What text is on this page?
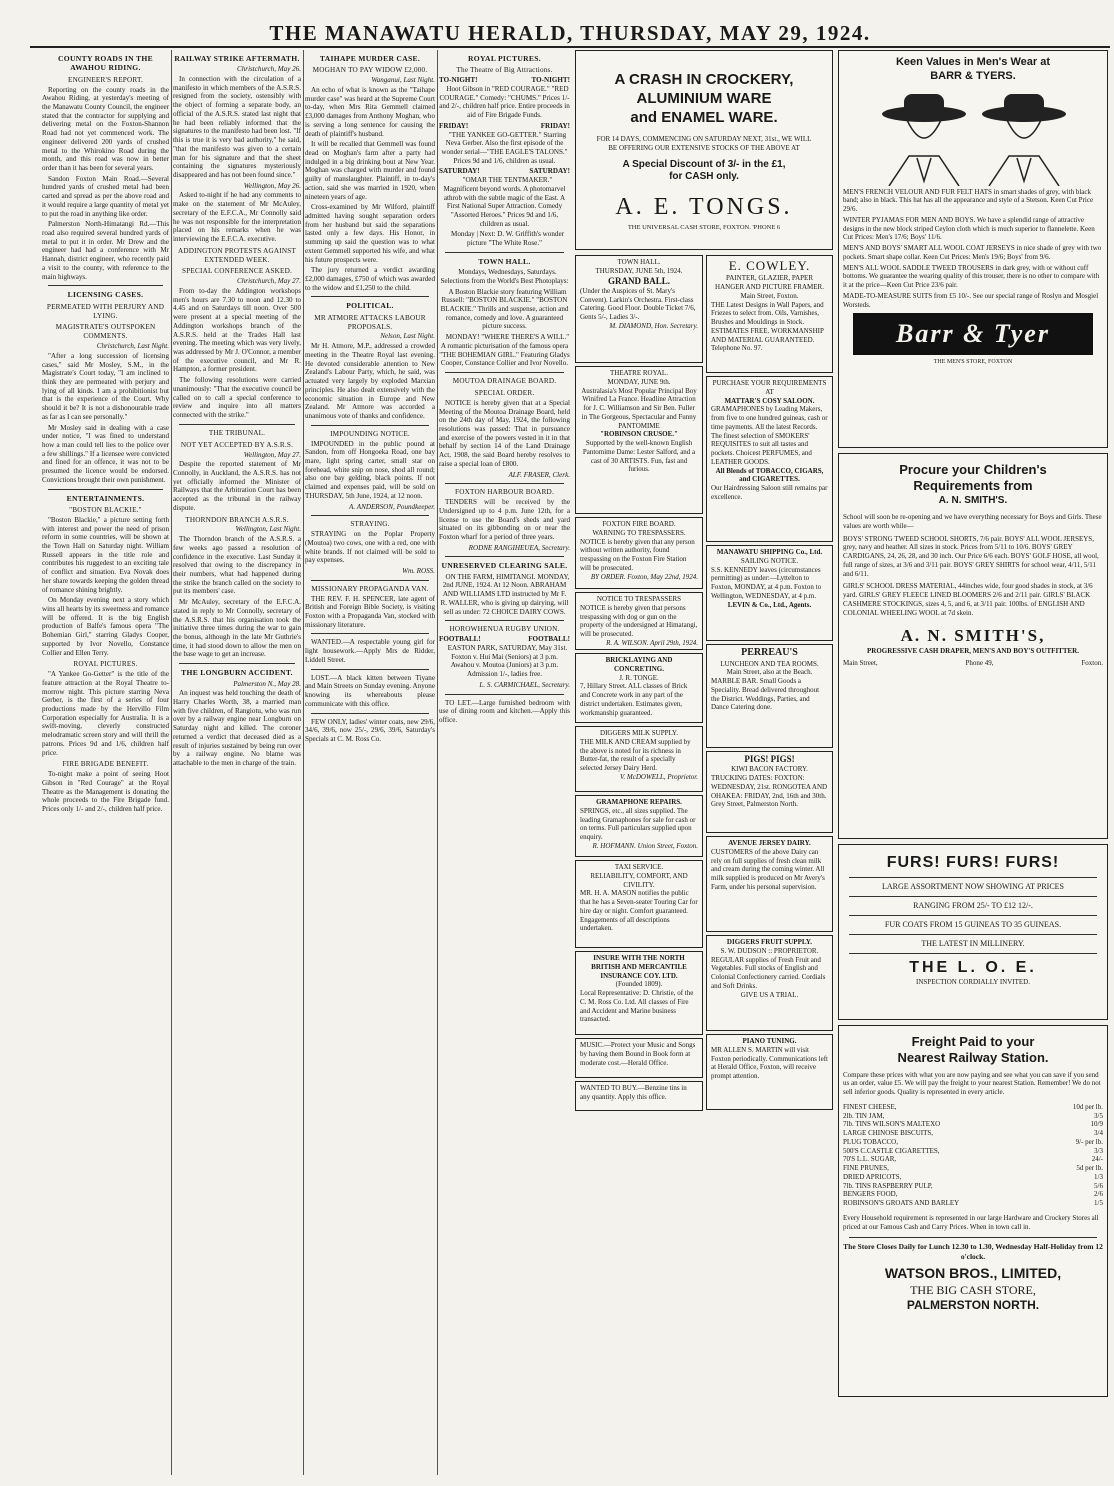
THE MANAWATU HERALD, THURSDAY, MAY 29, 1924.
COUNTY ROADS IN THE AWAHOU RIDING.
ENGINEER'S REPORT.

Reporting on the county roads in the Awahou Riding, at yesterday's meeting of the Manawatu County Council, the engineer stated that the contractor for supplying and delivering metal on the Foxton-Shannon Road had not yet commenced work. The engineer delivered 200 yards of crushed metal to the Whirokino Road during the month, and this road was now in better order than it has been for several years.

Sandon Foxton Main Road.—Several hundred yards of crushed metal had been carted and spread as per the above road and it would require a large quantity of metal yet to put the road in anything like order.

Palmerston North-Himatangi Rd.—This road also required several hundred yards of metal to put it in order. Mr Drew and the engineer had had a conference with Mr Hannah, district engineer, who recently paid a visit to the county, with reference to the main highways.

LICENSING CASES.
PERMEATED WITH PERJURY AND LYING.
MAGISTRATE'S OUTSPOKEN COMMENTS.
Christchurch, Last Night.

"After a long succession of licensing cases," said Mr Mosley, S.M., in the Magistrate's Court today, "I am inclined to think they are permeated with perjury and lying of all kinds. I am a prohibitionist but that is the experience of the Court. Why should it be? It is not a dishonourable trade as far as I can see personally."

Mr Mosley said in dealing with a case under notice, "I was fined to understand how a man could tell lies to the police over a few shillings." If a licensee were convicted and fined for an offence, it was not to be presumed the licence would be endorsed. Convictions brought their own punishment.

ENTERTAINMENTS.
"BOSTON BLACKIE."

"Boston Blackie," a picture setting forth with interest and power the need of prison reform in some countries, will be shown at the Town Hall on Saturday night. William Russell appears in the title role and contributes his ruggedest to an exciting tale of conflict and situation. Eva Novak does her share towards keeping the golden thread of romance shining brightly.

On Monday evening next a story which wins all hearts by its sweetness and romance will be offered. It is the big English production of Balfe's famous opera "The Bohemian Girl," starring Gladys Cooper, supported by Ivor Novello, Constance Collier and Ellen Terry.

ROYAL PICTURES.

"A Yankee Go-Getter" is the title of the feature attraction at the Royal Theatre to-morrow night. This picture starring Neva Gerber, is the first of a series of four productions made by the Hervillo Film Corporation especially for Australia. It is a swift-moving, cleverly constructed melodramatic screen story and will thrill the patrons. Prices 9d and 1/6, children half price.

FIRE BRIGADE BENEFIT.

To-night make a point of seeing Hoot Gibson in "Red Courage" at the Royal Theatre as the Management is donating the whole proceeds to the Fire Brigade fund. Prices only 1/- and 2/-, children half price.

RAILWAY STRIKE AFTERMATH.
Christchurch, May 26.

In connection with the circulation of a manifesto in which members of the A.S.R.S. resigned from the society, ostensibly with the object of forming a separate body, an official of the A.S.R.S. stated last night that he had been reliably informed that the signatures to the manifesto had been lost. "If this is true it is very bad authority," he said, "that the manifesto was given to a certain man for his signature and that the sheet containing the signatures mysteriously disappeared and has not been found since."

Wellington, May 26.

Asked to-night if he had any comments to make on the statement of Mr McAuley, secretary of the E.F.C.A., Mr Connolly said he was not responsible for the interpretation placed on his remarks when he was interviewing the E.F.C.A. executive.

ADDINGTON PROTESTS AGAINST EXTENDED WEEK.
SPECIAL CONFERENCE ASKED.
Christchurch, May 27.

From to-day the Addington workshops men's hours are 7.30 to noon and 12.30 to 4.45 and on Saturdays till noon. Over 500 were present at a special meeting of the Addington workshops branch of the A.S.R.S. held at the Trades Hall last evening. The meeting which was very lively, was addressed by Mr J. O'Connor, a member of the executive council, and Mr R. Hampton, a former president.

The following resolutions were carried unanimously: "That the executive council be called on to call a special conference to review and inquire into all matters connected with the strike."

THE TRIBUNAL.
NOT YET ACCEPTED BY A.S.R.S.
Wellington, May 27.

Despite the reported statement of Mr Connolly, in Auckland, the A.S.R.S. has not yet officially informed the Minister of Railways that the Arbitration Court has been accepted as the tribunal in the railway dispute.

THORNDON BRANCH A.S.R.S.
Wellington, Last Night.

The Thorndon branch of the A.S.R.S. a few weeks ago passed a resolution of confidence in the executive. Last Sunday it resolved that owing to the discrepancy in their numbers, what had happened during the strike the branch called on the society to put its members' case.

Mr McAuley, secretary of the E.F.C.A. stated in reply to Mr Connolly, secretary of the A.S.R.S. that his organisation took the initiative three times during the war to gain the bonus, although in the late Mr Guthrie's time, it had stood down to allow the men on the base wage to get an increase.

THE LONGBURN ACCIDENT.
Palmerston N., May 28.

An inquest was held touching the death of Harry Charles Worth, 38, a married man with five children, of Rangiotu, who was run over by a railway engine near Longburn on Saturday night and killed. The coroner returned a verdict that deceased died as a result of injuries sustained by being run over by a railway engine. No blame was attachable to the men in charge of the train.

TAIHAPE MURDER CASE.
MOGHAN TO PAY WIDOW £2,000.
Wanganui, Last Night.

An echo of what is known as the "Taihape murder case" was heard at the Supreme Court to-day, when Mrs Rita Gemmell claimed £3,000 damages from Anthony Moghan, who is serving a long sentence for causing the death of plaintiff's husband.

It will be recalled that Gemmell was found dead on Moghan's farm after a party had indulged in a big drinking bout at New Year. Moghan was charged with murder and found guilty of manslaughter. Plaintiff, in to-day's action, said she was married in 1920, when nineteen years of age.

Cross-examined by Mr Wilford, plaintiff admitted having sought separation orders from her husband but said the separations lasted only a few days. His Honor, in summing up said the question was to what extent Gemmell supported his wife, and what his future prospects were.

The jury returned a verdict awarding £2,000 damages, £750 of which was awarded to the widow and £1,250 to the child.

POLITICAL.
MR ATMORE ATTACKS LABOUR PROPOSALS.
Nelson, Last Night.

Mr H. Atmore, M.P., addressed a crowded meeting in the Theatre Royal last evening. He devoted considerable attention to New Zealand's Labour Party, which, he said, was actuated very largely by exploded Marxian principles. He also dealt extensively with the economic situation in Europe and New Zealand. Mr Atmore was accorded a unanimous vote of thanks and confidence.

IMPOUNDING NOTICE.

IMPOUNDED in the public pound at Sandon, from off Hongoeka Road, one bay mare, light spring carter, small star on forehead, white snip on nose, shod all round; also one bay gelding, black points. If not claimed and expenses paid, will be sold on THURSDAY, 5th June, 1924, at 12 noon.

A. ANDERSON, Poundkeeper.
STRAYING.

STRAYING on the Poplar Property (Moutoa) two cows, one with a red, one with white brands. If not claimed will be sold to pay expenses.

Wm. ROSS.
MISSIONARY PROPAGANDA VAN.

THE REV. F. H. SPENCER, late agent of British and Foreign Bible Society, is visiting Foxton with a Propaganda Van, stocked with missionary literature.

WANTED.—A respectable young girl for light housework.—Apply Mrs de Ridder, Liddell Street.

LOST.—A black kitten between Tiyane and Main Streets on Sunday evening. Anyone knowing its whereabouts please communicate with this office.

FEW ONLY, ladies' winter coats, new 29/6, 34/6, 39/6, now 25/-, 29/6, 39/6, Saturday's Specials at C. M. Ross Co.

ROYAL PICTURES.
The Theatre of Big Attractions.
TO-NIGHT!	TO-NIGHT!

Hoot Gibson in "RED COURAGE." "RED COURAGE." Comedy: "CHUMS." Prices 1/- and 2/-, children half price. Entire proceeds in aid of Fire Brigade Funds.

FRIDAY!	FRIDAY!

"THE YANKEE GO-GETTER." Starring Neva Gerber. Also the first episode of the wonder serial—"THE EAGLE'S TALONS." Prices 9d and 1/6, children as usual.

SATURDAY!	SATURDAY!

"OMAR THE TENTMAKER." Magnificent beyond words. A photomarvel athrob with the subtle magic of the East. A First National Super Attraction. Comedy "Assorted Heroes." Prices 9d and 1/6, children as usual.

Monday | Next: D. W. Griffith's wonder picture "The White Rose."

TOWN HALL.

Mondays, Wednesdays, Saturdays. Selections from the World's Best Photoplays:

A Boston Blackie story featuring William Russell: "BOSTON BLACKIE." "BOSTON BLACKIE." Thrills and suspense, action and romance, comedy and love. A guaranteed picture success.

MONDAY! "WHERE THERE'S A WILL." A romantic picturisation of the famous opera "THE BOHEMIAN GIRL." Featuring Gladys Cooper, Constance Collier and Ivor Novello.

MOUTOA DRAINAGE BOARD.
SPECIAL ORDER.

NOTICE is hereby given that at a Special Meeting of the Moutoa Drainage Board, held on the 24th day of May, 1924, the following resolutions was passed: That in pursuance and exercise of the powers vested in it in that behalf by section 14 of the Land Drainage Act, 1908, the said Board hereby resolves to raise a special loan of £800.

ALF. FRASER, Clerk.
FOXTON HARBOUR BOARD.

TENDERS will be received by the Undersigned up to 4 p.m. June 12th, for a license to use the Board's sheds and yard situated on its gibbonding on or near the Foxton wharf for a period of three years.

RODNE RANGIHEUEA, Secretary.
UNRESERVED CLEARING SALE.

ON THE FARM, HIMITANGI. MONDAY, 2nd JUNE, 1924. At 12 Noon. ABRAHAM AND WILLIAMS LTD instructed by Mr F. R. WALLER, who is giving up dairying, will sell as under: 72 CHOICE DAIRY COWS.

HOROWHENUA RUGBY UNION.
FOOTBALL!	FOOTBALL!

EASTON PARK, SATURDAY, May 31st. Foxton v. Hui Mai (Seniors) at 3 p.m. Awahou v. Moutoa (Juniors) at 3 p.m. Admission 1/-, ladies free.

L. S. CARMICHAEL, Secretary.

TO LET.—Large furnished bedroom with use of dining room and kitchen.—Apply this office.

A CRASH IN CROCKERY,
ALUMINIUM WARE
and ENAMEL WARE.
FOR 14 DAYS, COMMENCING ON SATURDAY NEXT, 31st., WE WILL BE OFFERING OUR EXTENSIVE STOCKS OF THE ABOVE AT
A Special Discount of 3/- in the £1,
for CASH only.
A. E. TONGS.
THE UNIVERSAL CASH STORE, FOXTON. 'PHONE 6
Keen Values in Men's Wear at
BARR & TYERS.

MEN'S FRENCH VELOUR AND FUR FELT HATS in smart shades of grey, with black band; also in black. This hat has all the appearance and style of a Stetson. Keen Cut Price 29/6.

WINTER PYJAMAS FOR MEN AND BOYS. We have a splendid range of attractive designs in the new block striped Ceylon cloth which is much superior to flannelette. Keen Cut Prices: Men's 17/6; Boys' 11/6.

MEN'S AND BOYS' SMART ALL WOOL COAT JERSEYS in nice shade of grey with two pockets. Smart shape collar. Keen Cut Prices: Men's 19/6; Boys' from 9/6.

MEN'S ALL WOOL SADDLE TWEED TROUSERS in dark grey, with or without cuff bottoms. We guarantee the wearing quality of this trouser, there is no other to compare with it at the price—Keen Cut Price 23/6 pair.

MADE-TO-MEASURE SUITS from £5 10/-. See our special range of Roslyn and Mosgiel Worsteds.

Barr & Tyer
THE MEN'S STORE, FOXTON
TOWN HALL.
THURSDAY, JUNE 5th, 1924.
GRAND BALL.

(Under the Auspices of St. Mary's Convent). Larkin's Orchestra. First-class Catering. Good Floor. Double Ticket 7/6, Gents 5/-, Ladies 3/-.

M. DIAMOND, Hon. Secretary.
THEATRE ROYAL.
MONDAY, JUNE 9th.

Australasia's Most Popular Principal Boy Winifred La France. Headline Attraction for J. C. Williamson and Sir Ben. Fuller in The Gorgeous, Spectacular and Funny PANTOMIME

"ROBINSON CRUSOE."

Supported by the well-known English Pantomime Dame: Lester Salford, and a cast of 30 ARTISTS. Fun, fast and furious.

FOXTON FIRE BOARD.
WARNING TO TRESPASSERS.

NOTICE is hereby given that any person without written authority, found trespassing on the Foxton Fire Station will be prosecuted.

BY ORDER. Foxton, May 22nd, 1924.
NOTICE TO TRESPASSERS

NOTICE is hereby given that persons trespassing with dog or gun on the property of the undersigned at Himatangi, will be prosecuted.

R. A. WILSON. April 29th, 1924.
BRICKLAYING AND CONCRETING.
J. R. TONGE.

7, Hillary Street. ALL classes of Brick and Concrete work in any part of the district undertaken. Estimates given, workmanship guaranteed.

DIGGERS MILK SUPPLY.

THE MILK AND CREAM supplied by the above is noted for its richness in Butter-fat, the result of a specially selected Jersey Dairy Herd.

V. McDOWELL, Proprietor.
GRAMAPHONE REPAIRS.

SPRINGS, etc., all sizes supplied. The leading Gramaphones for sale for cash or on terms. Full particulars supplied upon enquiry.

R. HOFMANN. Union Street, Foxton.
TAXI SERVICE.
RELIABILITY, COMFORT, AND CIVILITY.

MR. H. A. MASON notifies the public that he has a Seven-seater Touring Car for hire day or night. Comfort guaranteed. Engagements of all descriptions undertaken.

INSURE WITH THE NORTH BRITISH AND MERCANTILE INSURANCE COY. LTD.
(Founded 1809).

Local Representative: D. Christie, of the C. M. Ross Co. Ltd. All classes of Fire and Accident and Marine business transacted.

MUSIC.—Protect your Music and Songs by having them Bound in Book form at moderate cost.—Herald Office.

WANTED TO BUY.—Benzine tins in any quantity. Apply this office.

E. COWLEY.
PAINTER, GLAZIER, PAPER HANGER AND PICTURE FRAMER.
Main Street, Foxton.

THE Latest Designs in Wall Papers, and Friezes to select from. Oils, Varnishes, Brushes and Mouldings in Stock. ESTIMATES FREE. WORKMANSHIP AND MATERIAL GUARANTEED. Telephone No. 97.

PURCHASE YOUR REQUIREMENTS AT
MATTAR'S COSY SALOON.

GRAMAPHONES by Leading Makers, from five to one hundred guineas, cash or time payments. All the latest Records. The finest selection of SMOKERS' REQUISITES to suit all tastes and pockets. Choicest PERFUMES, and LEATHER GOODS.

All Blends of TOBACCO, CIGARS, and CIGARETTES.

Our Hairdressing Saloon still remains par excellence.

MANAWATU SHIPPING Co., Ltd.
SAILING NOTICE.

S.S. KENNEDY leaves (circumstances permitting) as under:—Lyttelton to Foxton, MONDAY, at 4 p.m. Foxton to Wellington, WEDNESDAY, at 4 p.m.

LEVIN & Co., Ltd., Agents.
PERREAU'S
LUNCHEON AND TEA ROOMS.
Main Street, also at the Beach.

MARBLE BAR. Small Goods a Speciality. Bread delivered throughout the District. Weddings, Parties, and Dance Catering done.

PIGS! PIGS!
KIWI BACON FACTORY.

TRUCKING DATES: FOXTON: WEDNESDAY, 21st. RONGOTEA AND OHAKEA: FRIDAY, 2nd, 16th and 30th. Grey Street, Palmerston North.

AVENUE JERSEY DAIRY.

CUSTOMERS of the above Dairy can rely on full supplies of fresh clean milk and cream during the coming winter. All milk supplied is produced on Mr Avery's Farm, under his personal supervision.

DIGGERS FRUIT SUPPLY.
S. W. DUDSON :: PROPRIETOR.

REGULAR supplies of Fresh Fruit and Vegetables. Full stocks of English and Colonial Confectionery carried. Cordials and Soft Drinks.

GIVE US A TRIAL.
PIANO TUNING.

MR ALLEN S. MARTIN will visit Foxton periodically. Communications left at Herald Office, Foxton, will receive prompt attention.

Procure your Children's
Requirements from
A. N. SMITH'S.

School will soon be re-opening and we have everything necessary for Boys and Girls. These values are worth while—

BOYS' STRONG TWEED SCHOOL SHORTS, 7/6 pair. BOYS' ALL WOOL JERSEYS, grey, navy and heather. All sizes in stock. Prices from 5/11 to 10/6. BOYS' GREY CARDIGANS, 24, 26, 28, and 30 inch. Our Price 6/6 each. BOYS' GOLF HOSE, all wool, full range of sizes, at 3/6 and 3/11 pair. BOYS' GREY SHIRTS for school wear, 4/11, 5/11 and 6/11.

GIRLS' SCHOOL DRESS MATERIAL, 44inches wide, four good shades in stock, at 3/6 yard. GIRLS' GREY FLEECE LINED BLOOMERS 2/6 and 2/11 pair. GIRLS' BLACK CASHMERE STOCKINGS, sizes 4, 5, and 6, at 3/11 pair. 100lbs. of ENGLISH AND COLONIAL WHEELING WOOL at 7d skein.

A. N. SMITH'S,
PROGRESSIVE CASH DRAPER, MEN'S AND BOY'S OUTFITTER.
Main Street,	Phone 49,	Foxton.
FURS! FURS! FURS!
LARGE ASSORTMENT NOW SHOWING AT PRICES
RANGING FROM 25/- TO £12 12/-.
FUR COATS FROM 15 GUINEAS TO 35 GUINEAS.
THE LATEST IN MILLINERY.
THE L. O. E.
INSPECTION CORDIALLY INVITED.
Freight Paid to your
Nearest Railway Station.

Compare these prices with what you are now paying and see what you can save if you send us an order, value £5. We will pay the freight to your nearest Station. Remember! We do not sell inferior goods. Quality is represented in every article.

FINEST CHEESE,	10d per lb.
2lb. TIN JAM,	3/5
7lb. TINS WILSON'S MALTEXO	10/9
LARGE CHINOSE BISCUITS,	3/4
PLUG TOBACCO,	9/- per lb.
500'S C.CASTLE CIGARETTES,	3/3
70'S L.L. SUGAR,	24/-
FINE PRUNES,	5d per lb.
DRIED APRICOTS,	1/3
7lb. TINS RASPBERRY PULP,	5/6
BENGERS FOOD,	2/6
ROBINSON'S GROATS AND BARLEY	1/5

Every Household requirement is represented in our large Hardware and Crockery Stores all priced at our Famous Cash and Carry Prices. When in town call in.

The Store Closes Daily for Lunch 12.30 to 1.30, Wednesday Half-Holiday from 12 o'clock.
WATSON BROS., LIMITED,
THE BIG CASH STORE,
PALMERSTON NORTH.
